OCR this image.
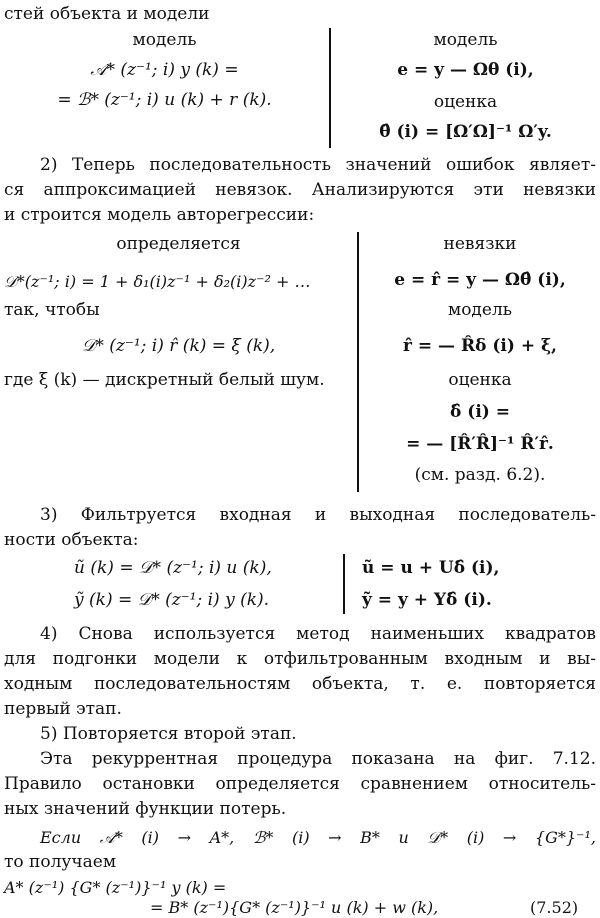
стей объекта и модели
модель
𝒜* (z⁻¹; i) y (k) =
= ℬ* (z⁻¹; i) u (k) + r (k).
модель
e = y — Ωθ (i),
оценка
θ̂ (i) = [Ω′Ω]⁻¹ Ω′y.
2) Теперь последовательность значений ошибок являет-
ся аппроксимацией невязок. Анализируются эти невязки
и строится модель авторегрессии:
определяется
𝒟*(z⁻¹; i) = 1 + δ₁(i)z⁻¹ + δ₂(i)z⁻² + …
так, чтобы
𝒟* (z⁻¹; i) r̂ (k) = ξ (k),
где ξ (k) — дискретный белый шум.
невязки
e = r̂ = y — Ωθ̂ (i),
модель
r̂ = — R̂δ (i) + ξ,
оценка
δ̂ (i) =
= — [R̂′R̂]⁻¹ R̂′r̂.
(см. разд. 6.2).
3) Фильтруется входная и выходная последователь-
ности объекта:
ũ (k) = 𝒟* (z⁻¹; i) u (k),
ỹ (k) = 𝒟* (z⁻¹; i) y (k).
ũ = u + Uδ̂ (i),
ỹ = y + Yδ̂ (i).
4) Снова используется метод наименьших квадратов
для подгонки модели к отфильтрованным входным и вы-
ходным последовательностям объекта, т. е. повторяется
первый этап.
5) Повторяется второй этап.
Эта рекуррентная процедура показана на фиг. 7.12.
Правило остановки определяется сравнением относитель-
ных значений функции потерь.
Если 𝒜* (i) → A*, ℬ* (i) → B* и 𝒟* (i) → {G*}⁻¹,
то получаем
A* (z⁻¹) {G* (z⁻¹)}⁻¹ y (k) =
= B* (z⁻¹){G* (z⁻¹)}⁻¹ u (k) + w (k),	(7.52)
